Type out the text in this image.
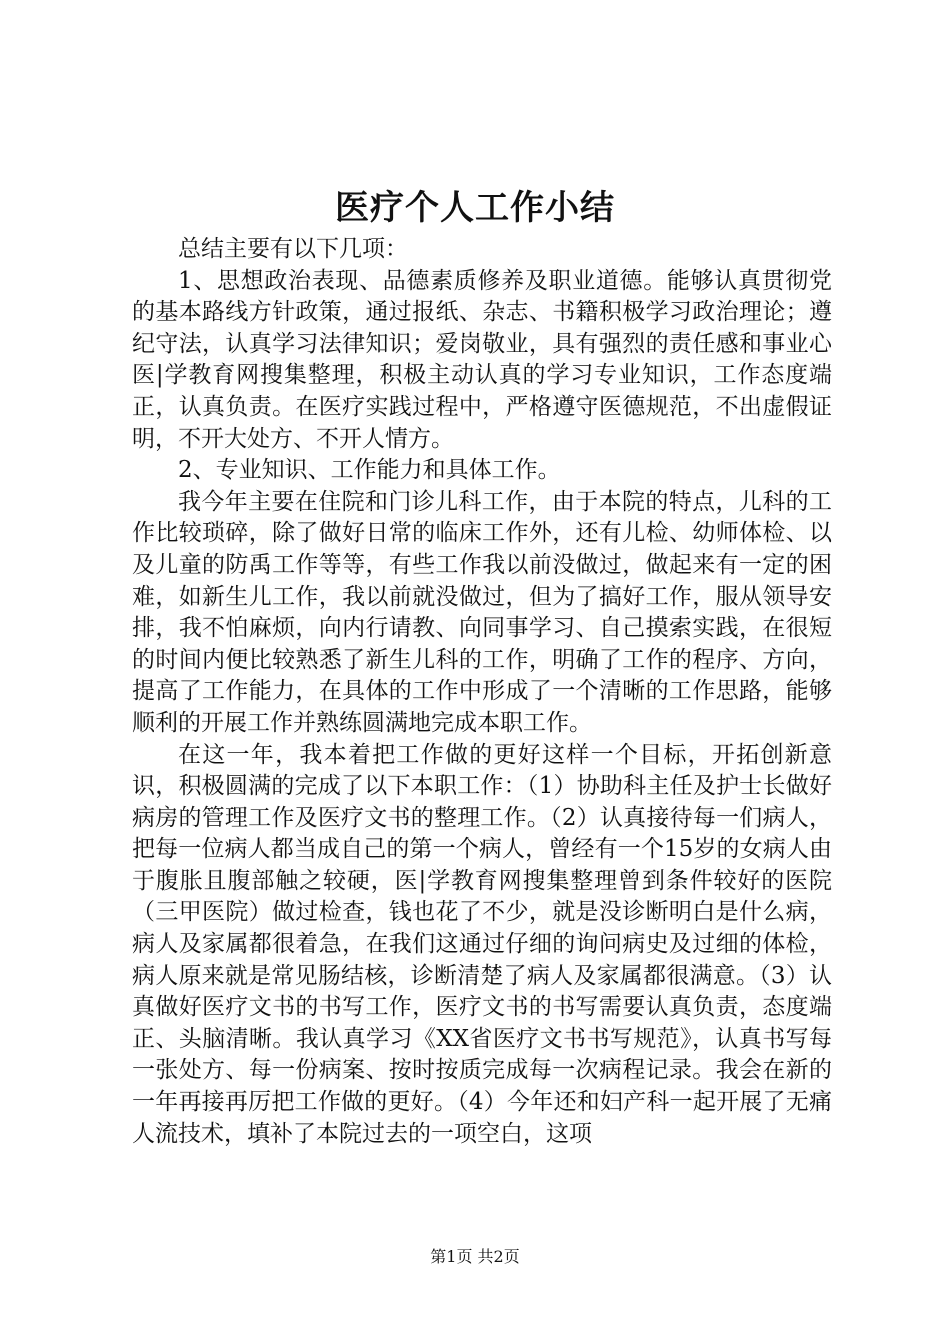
医疗个人工作小结

总结主要有以下几项：

1、思想政治表现、品德素质修养及职业道德。能够认真贯彻党的基本路线方针政策，通过报纸、杂志、书籍积极学习政治理论；遵纪守法，认真学习法律知识；爱岗敬业，具有强烈的责任感和事业心医|学教育网搜集整理，积极主动认真的学习专业知识，工作态度端正，认真负责。在医疗实践过程中，严格遵守医德规范，不出虚假证明，不开大处方、不开人情方。

2、专业知识、工作能力和具体工作。

我今年主要在住院和门诊儿科工作，由于本院的特点，儿科的工作比较琐碎，除了做好日常的临床工作外，还有儿检、幼师体检、以及儿童的防禹工作等等，有些工作我以前没做过，做起来有一定的困难，如新生儿工作，我以前就没做过，但为了搞好工作，服从领导安排，我不怕麻烦，向内行请教、向同事学习、自己摸索实践，在很短的时间内便比较熟悉了新生儿科的工作，明确了工作的程序、方向，提高了工作能力，在具体的工作中形成了一个清晰的工作思路，能够顺利的开展工作并熟练圆满地完成本职工作。

在这一年，我本着把工作做的更好这样一个目标，开拓创新意识，积极圆满的完成了以下本职工作：（1）协助科主任及护士长做好病房的管理工作及医疗文书的整理工作。（2）认真接待每一们病人，把每一位病人都当成自己的第一个病人，曾经有一个15岁的女病人由于腹胀且腹部触之较硬，医|学教育网搜集整理曾到条件较好的医院（三甲医院）做过检查，钱也花了不少，就是没诊断明白是什么病，病人及家属都很着急，在我们这通过仔细的询问病史及过细的体检，病人原来就是常见肠结核，诊断清楚了病人及家属都很满意。（3）认真做好医疗文书的书写工作，医疗文书的书写需要认真负责，态度端正、头脑清晰。我认真学习《XX省医疗文书书写规范》，认真书写每一张处方、每一份病案、按时按质完成每一次病程记录。我会在新的一年再接再厉把工作做的更好。（4）今年还和妇产科一起开展了无痛人流技术，填补了本院过去的一项空白，这项

第1页 共2页
